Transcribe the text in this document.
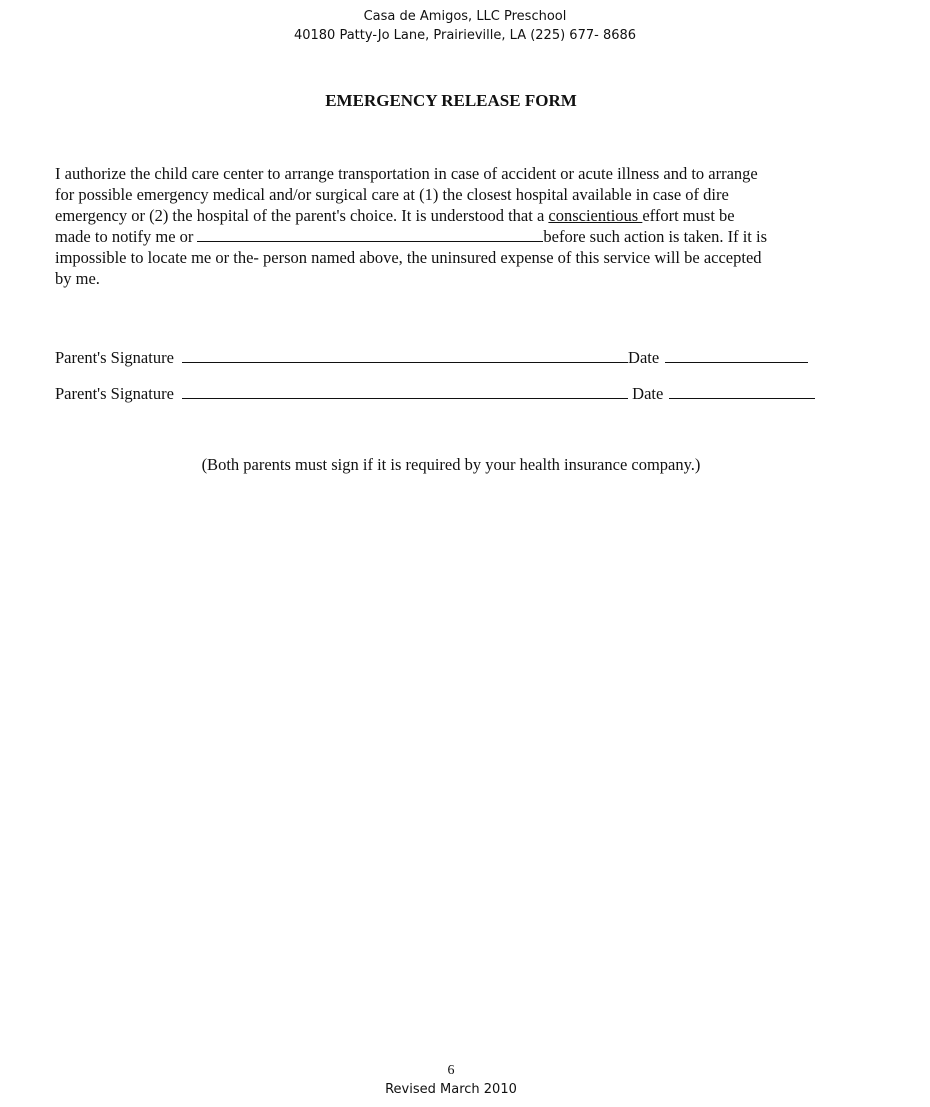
Casa de Amigos, LLC Preschool
40180 Patty-Jo Lane, Prairieville, LA (225) 677- 8686
EMERGENCY RELEASE FORM
I authorize the child care center to arrange transportation in case of accident or acute illness and to arrange
for possible emergency medical and/or surgical care at (1) the closest hospital available in case of dire
emergency or (2) the hospital of the parent's choice. It is understood that a conscientious effort must be
made to notify me or	before such action is taken. If it is
impossible to locate me or the- person named above, the uninsured expense of this service will be accepted
by me.
Parent's Signature	Date
Parent's Signature	Date
(Both parents must sign if it is required by your health insurance company.)
6
Revised March 2010
